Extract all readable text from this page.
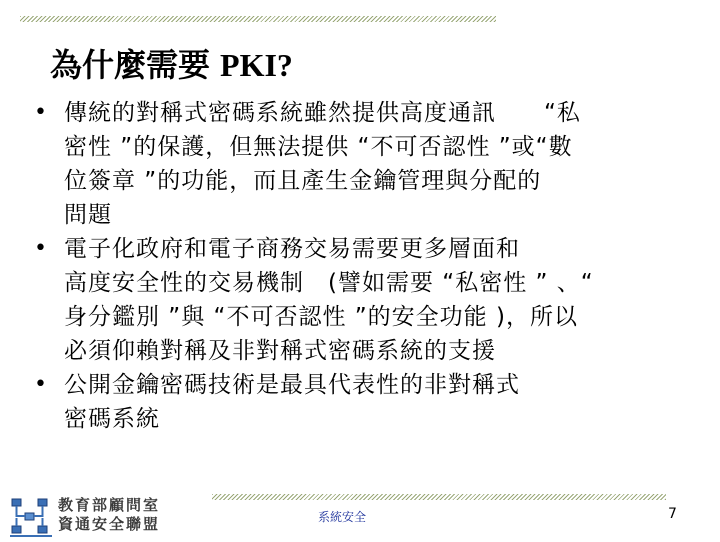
為什麼需要 PKI?
• 傳統的對稱式密碼系統雖然提供高度通訊　　“私
密性 ”的保護，但無法提供 “不可否認性 ”或“數
位簽章 ”的功能，而且產生金鑰管理與分配的
問題
• 電子化政府和電子商務交易需要更多層面和
高度安全性的交易機制　(譬如需要 “私密性 ” 、“
身分鑑別 ”與 “不可否認性 ”的安全功能 )，所以
必須仰賴對稱及非對稱式密碼系統的支援
• 公開金鑰密碼技術是最具代表性的非對稱式
密碼系統
教育部顧問室
資通安全聯盟	系統安全	7
